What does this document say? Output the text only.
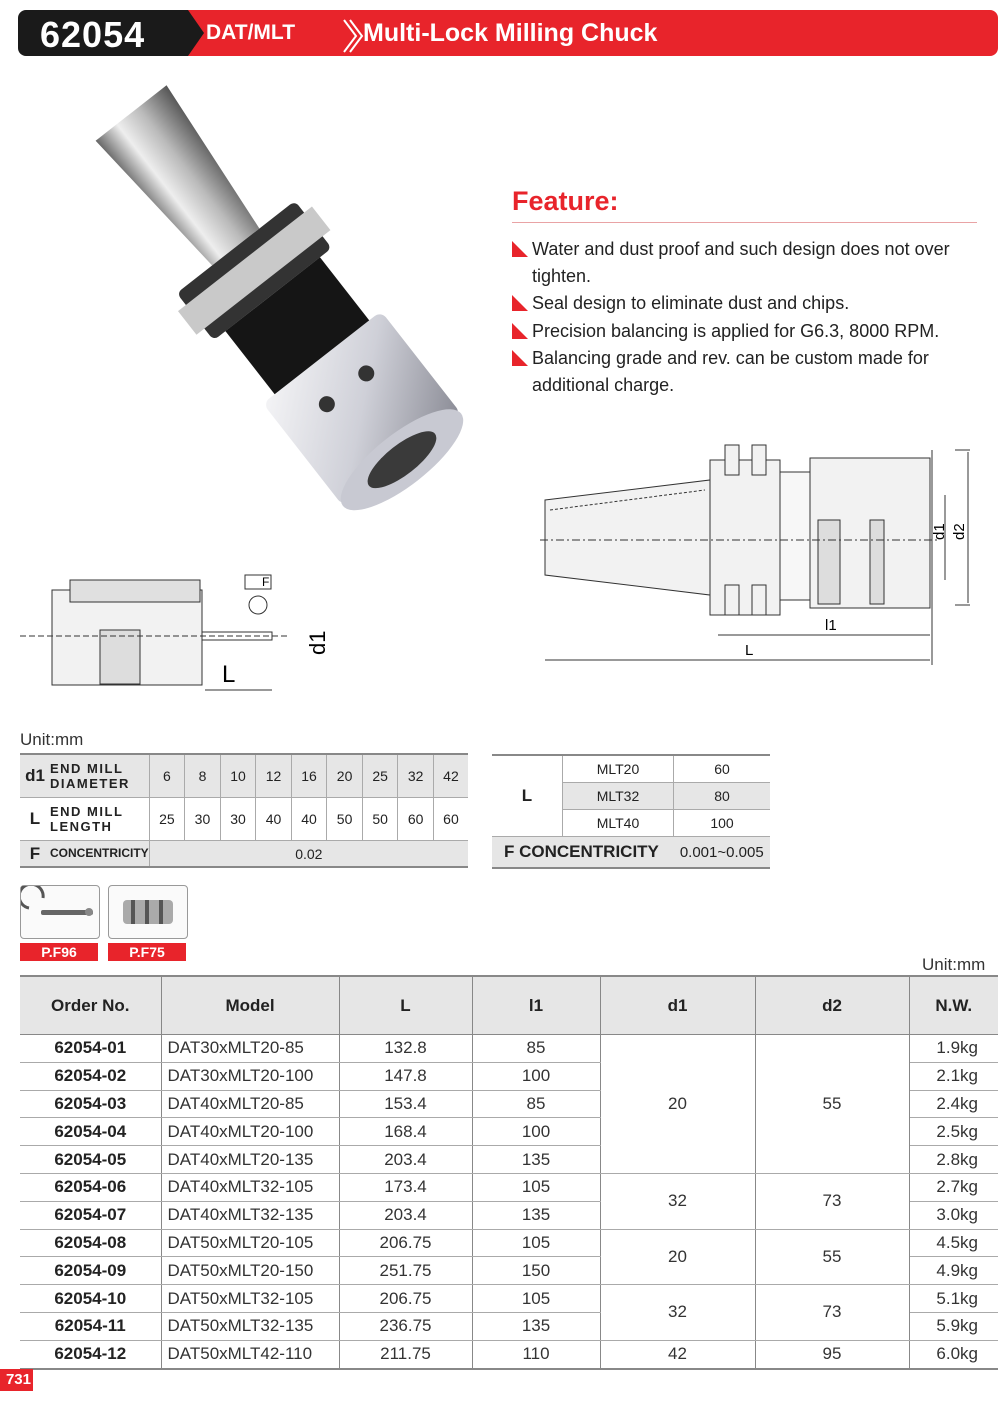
62054	DAT/MLT	Multi-Lock Milling Chuck
Feature:
Water and dust proof and such design does not over tighten.
Seal design to eliminate dust and chips.
Precision balancing is applied for G6.3, 8000 RPM.
Balancing grade and rev. can be custom made for additional charge.
l1
L
d1 d2
F
L
d1
Unit:mm
d1	END MILL DIAMETER	6	8	10	12	16	20	25	32	42
L	END MILL LENGTH	25	30	30	40	40	50	50	60	60
F	CONCENTRICITY	0.02								
L	MLT20	60
	MLT32	80
	MLT40	100
F CONCENTRICITY		0.001~0.005
P.F96	P.F75
Unit:mm
Order No.	Model	L	l1	d1	d2	N.W.
62054-01	DAT30xMLT20-85	132.8	85	20	55	1.9kg
62054-02	DAT30xMLT20-100	147.8	100			2.1kg
62054-03	DAT40xMLT20-85	153.4	85			2.4kg
62054-04	DAT40xMLT20-100	168.4	100			2.5kg
62054-05	DAT40xMLT20-135	203.4	135			2.8kg
62054-06	DAT40xMLT32-105	173.4	105	32	73	2.7kg
62054-07	DAT40xMLT32-135	203.4	135			3.0kg
62054-08	DAT50xMLT20-105	206.75	105	20	55	4.5kg
62054-09	DAT50xMLT20-150	251.75	150			4.9kg
62054-10	DAT50xMLT32-105	206.75	105	32	73	5.1kg
62054-11	DAT50xMLT32-135	236.75	135			5.9kg
62054-12	DAT50xMLT42-110	211.75	110	42	95	6.0kg
731
